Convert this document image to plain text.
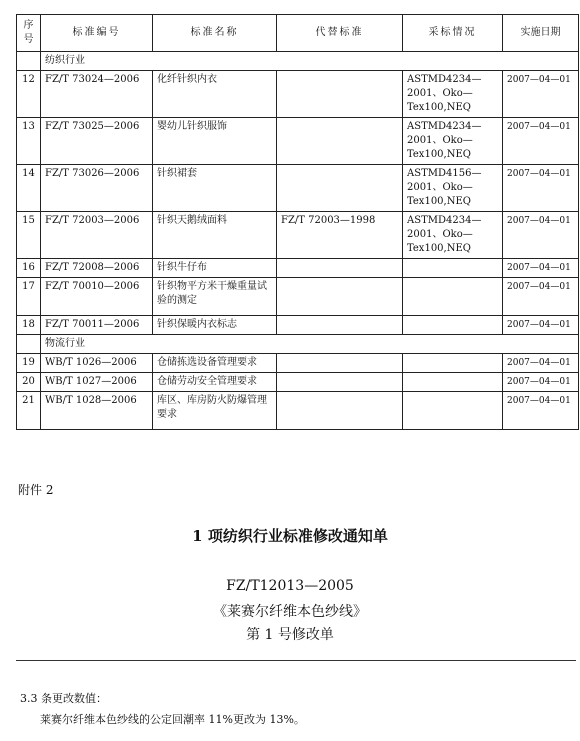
序号	标准编号	标准名称	代替标准	采标情况	实施日期
	纺织行业				
12	FZ/T 73024—2006	化纤针织内衣		ASTMD4234—2001、Oko—Tex100,NEQ	2007—04—01
13	FZ/T 73025—2006	婴幼儿针织服饰		ASTMD4234—2001、Oko—Tex100,NEQ	2007—04—01
14	FZ/T 73026—2006	针织裙套		ASTMD4156—2001、Oko—Tex100,NEQ	2007—04—01
15	FZ/T 72003—2006	针织天鹅绒面料	FZ/T 72003—1998	ASTMD4234—2001、Oko—Tex100,NEQ	2007—04—01
16	FZ/T 72008—2006	针织牛仔布			2007—04—01
17	FZ/T 70010—2006	针织物平方米干燥重量试验的测定			2007—04—01
18	FZ/T 70011—2006	针织保暖内衣标志			2007—04—01
	物流行业				
19	WB/T 1026—2006	仓储拣选设备管理要求			2007—04—01
20	WB/T 1027—2006	仓储劳动安全管理要求			2007—04—01
21	WB/T 1028—2006	库区、库房防火防爆管理要求			2007—04—01
附件 2
1 项纺织行业标准修改通知单
FZ/T12013—2005
《莱赛尔纤维本色纱线》
第 1 号修改单
3.3 条更改数值：
莱赛尔纤维本色纱线的公定回潮率 11%更改为 13%。
